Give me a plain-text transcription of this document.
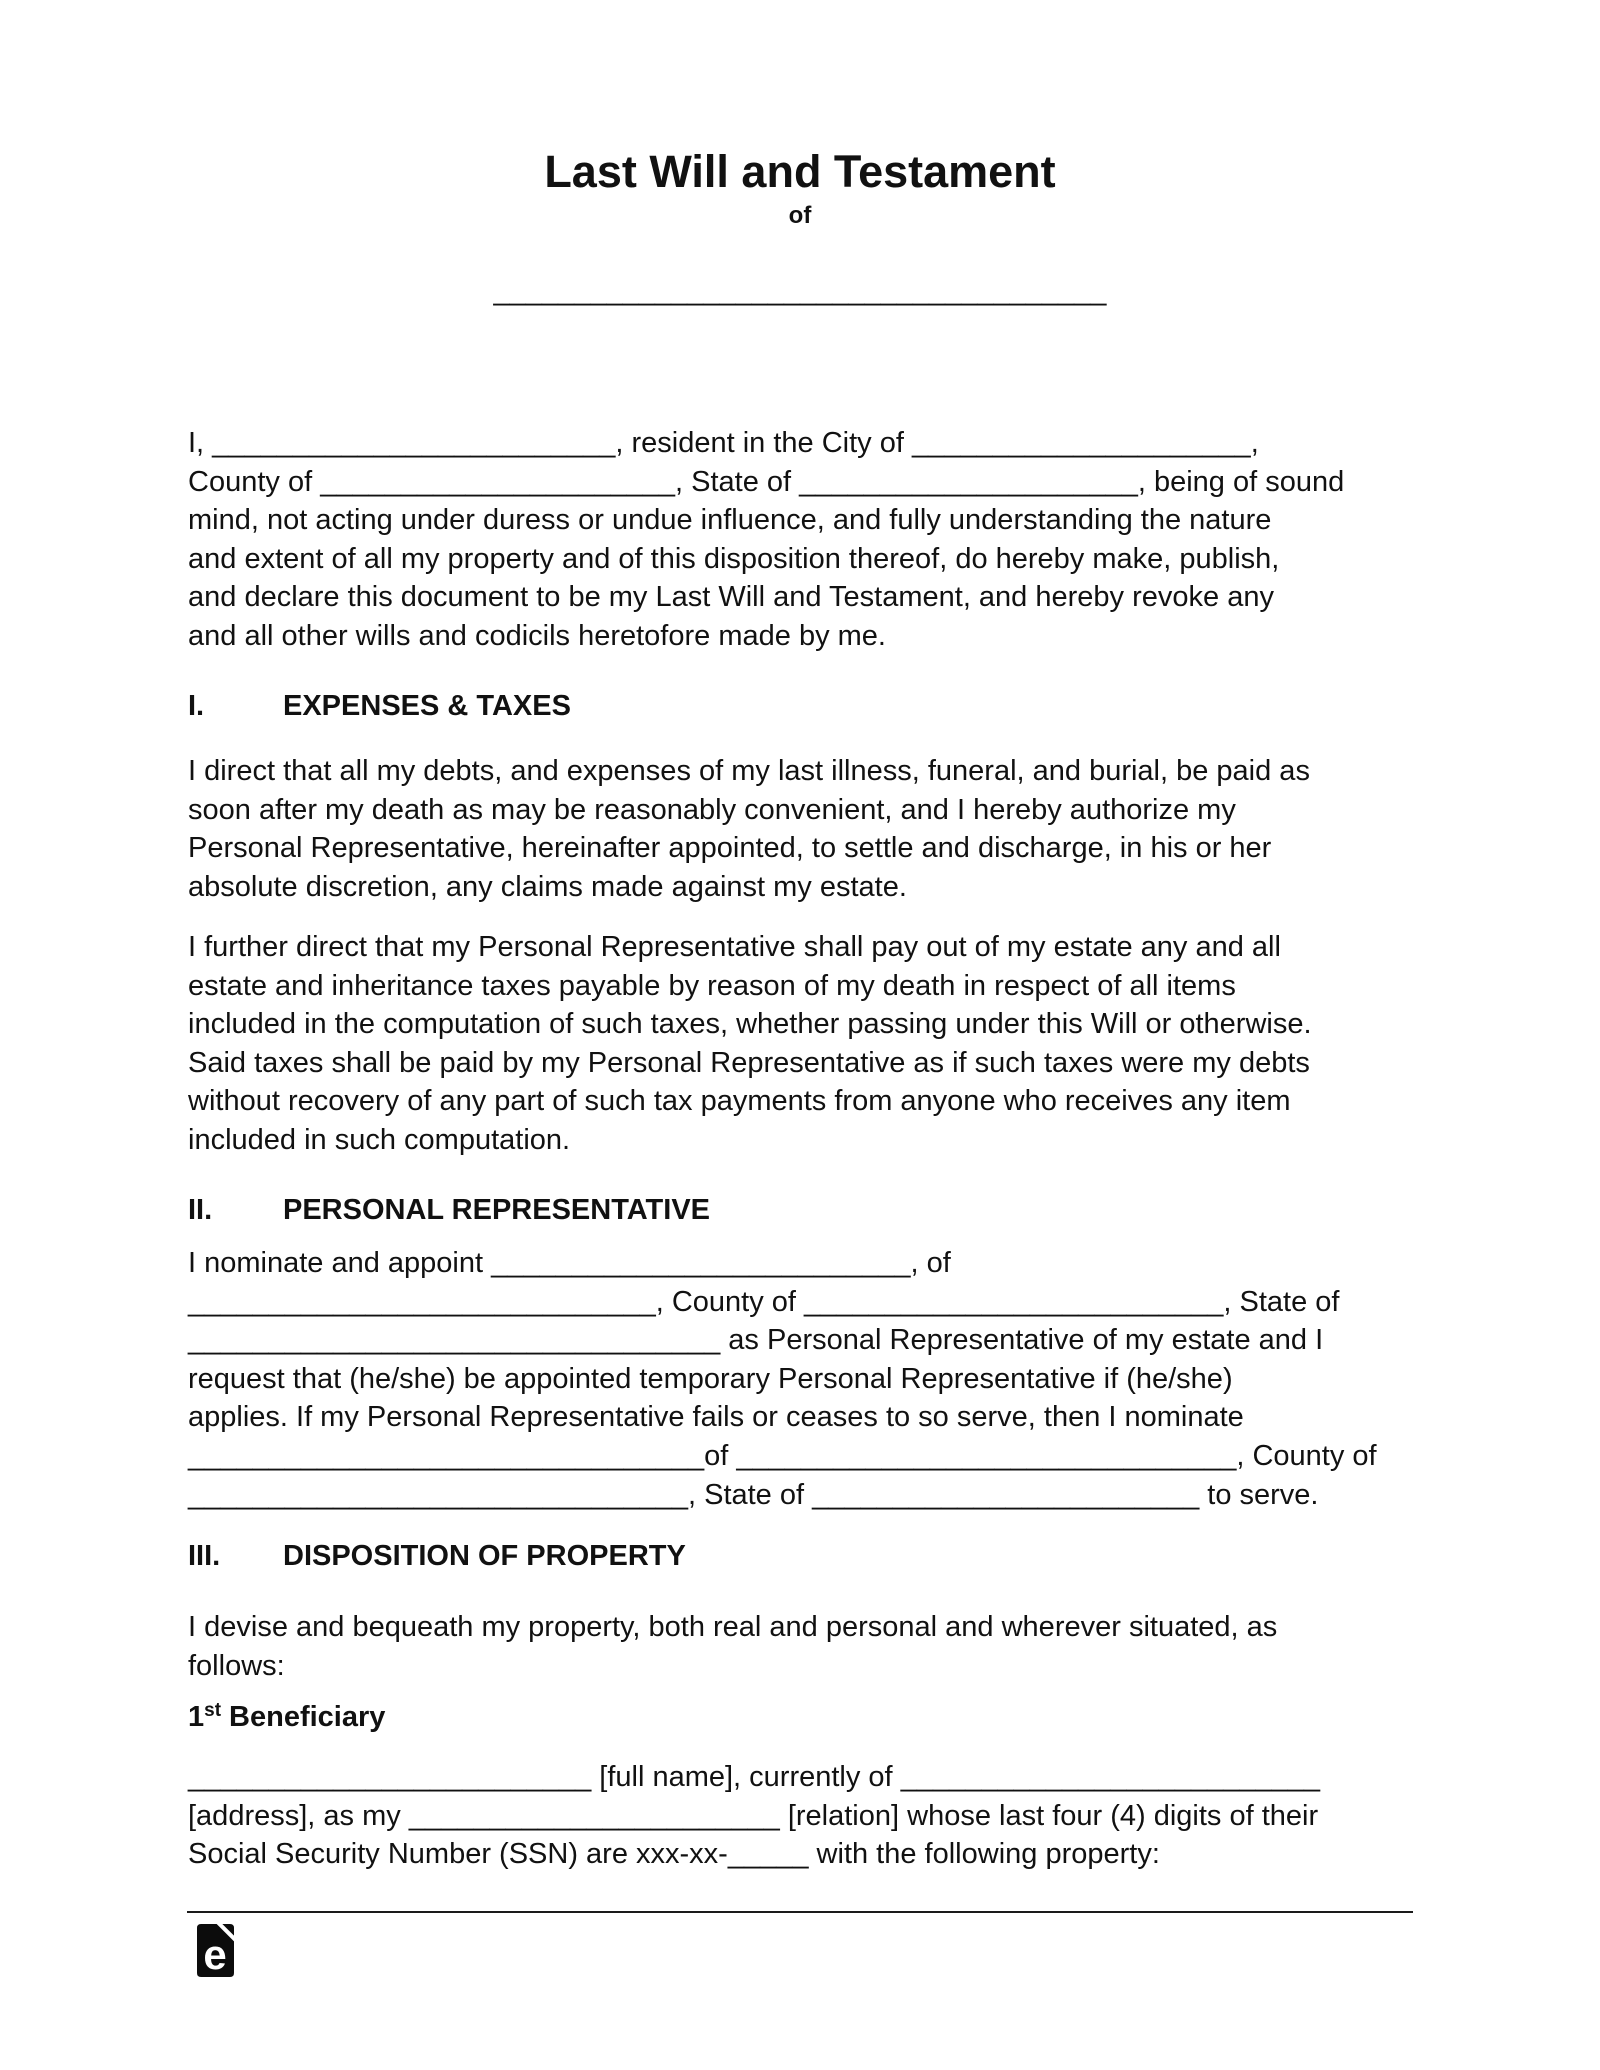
Last Will and Testament
of
______________________________________
I, _________________________, resident in the City of _____________________,
County of ______________________, State of _____________________, being of sound
mind, not acting under duress or undue influence, and fully understanding the nature
and extent of all my property and of this disposition thereof, do hereby make, publish,
and declare this document to be my Last Will and Testament, and hereby revoke any
and all other wills and codicils heretofore made by me.
I.	EXPENSES & TAXES
I direct that all my debts, and expenses of my last illness, funeral, and burial, be paid as
soon after my death as may be reasonably convenient, and I hereby authorize my
Personal Representative, hereinafter appointed, to settle and discharge, in his or her
absolute discretion, any claims made against my estate.
I further direct that my Personal Representative shall pay out of my estate any and all
estate and inheritance taxes payable by reason of my death in respect of all items
included in the computation of such taxes, whether passing under this Will or otherwise.
Said taxes shall be paid by my Personal Representative as if such taxes were my debts
without recovery of any part of such tax payments from anyone who receives any item
included in such computation.
II. PERSONAL REPRESENTATIVE
I nominate and appoint __________________________, of
_____________________________, County of __________________________, State of
_________________________________ as Personal Representative of my estate and I
request that (he/she) be appointed temporary Personal Representative if (he/she)
applies. If my Personal Representative fails or ceases to so serve, then I nominate
________________________________of _______________________________, County of
_______________________________, State of ________________________ to serve.
III. DISPOSITION OF PROPERTY
I devise and bequeath my property, both real and personal and wherever situated, as
follows:
1st Beneficiary
_________________________ [full name], currently of __________________________
[address], as my _______________________ [relation] whose last four (4) digits of their
Social Security Number (SSN) are xxx-xx-_____ with the following property:
e
